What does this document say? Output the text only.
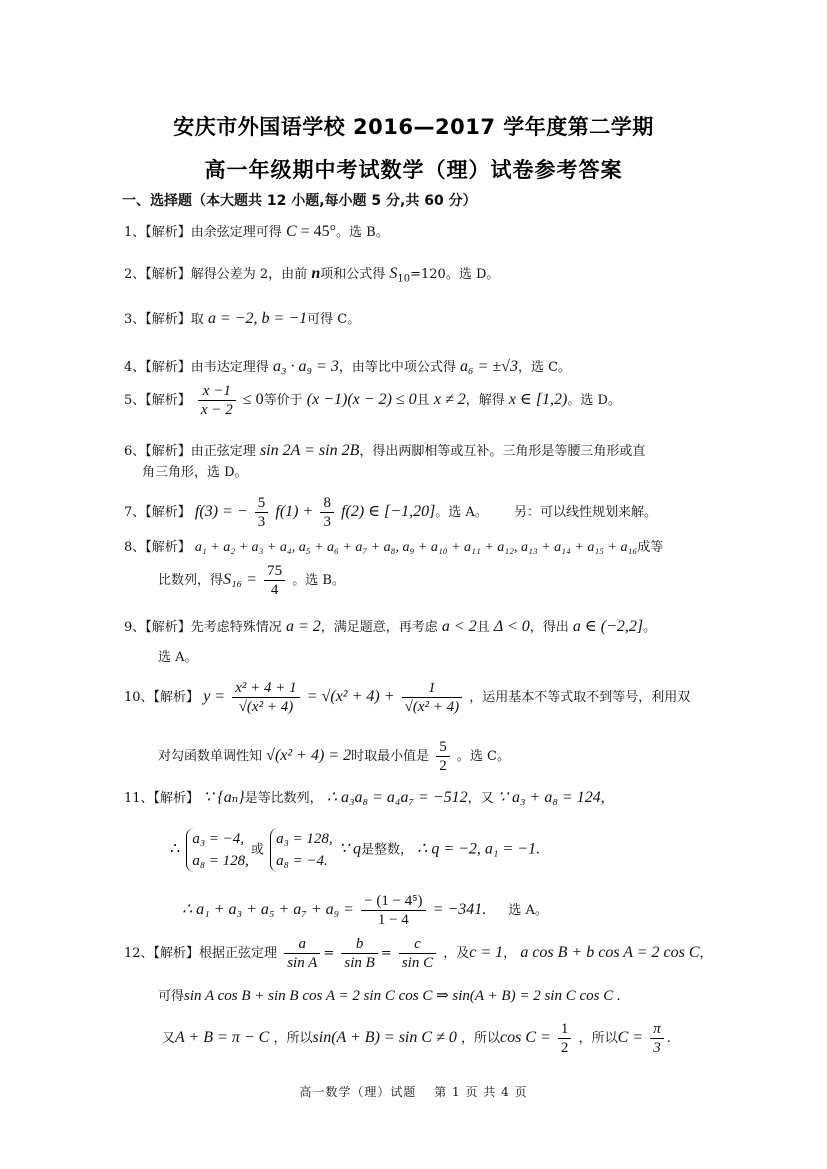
安庆市外国语学校 2016—2017 学年度第二学期
高一年级期中考试数学（理）试卷参考答案
一、选择题（本大题共 12 小题,每小题 5 分,共 60 分）
1、【解析】由余弦定理可得 C = 45°。选 B。
2、【解析】解得公差为 2，由前 n项和公式得 $S_{10}=120$。选 D。
3、【解析】取 a = −2, b = −1可得 C。
4、【解析】由韦达定理得 a₃ · a₉ = 3，由等比中项公式得 a₆ = ±√3，选 C。
5、【解析】 $\frac{x -1}{x - 2} \le 0$等价于 (x −1)(x − 2) ≤ 0且 x ≠ 2，解得 x ∈ [1,2)。选 D。
6、【解析】由正弦定理 sin 2A = sin 2B，得出两脚相等或互补。三角形是等腰三角形或直
角三角形，选 D。
7、【解析】 f(3) = − $\frac{5}{3} f(1) + \frac{8}{3} f(2)$ ∈ [−1,20]。选 A。 另：可以线性规划来解。
8、【解析】 a₁ + a₂ + a₃ + a₄, a₅ + a₆ + a₇ + a₈, a₉ + a₁₀ + a₁₁ + a₁₂, a₁₃ + a₁₄ + a₁₅ + a₁₆成等
比数列，得$S_{16} = \frac{75}{4}$ 。选 B。
9、【解析】先考虑特殊情况 a = 2，满足题意，再考虑 a < 2且 Δ < 0，得出 a ∈ (−2,2]。
选 A。
10、【解析】 $y = \frac{\text{x² + 4 + 1}}{\text{√(x² + 4)}} = √(x^2 + 4) + \frac{1}{\text{√(x² + 4)}}$ ，运用基本不等式取不到等号，利用双
对勾函数单调性知 √(x² + 4) = 2时取最小值是 $\frac{5}{2}$ 。选 C。
11、【解析】 ∵ {aₙ}是等比数列， ∴ a₃a₈ = a₄a₇ = −512，又 ∵ a₃ + a₈ = 124,
∴ a₃ = −4,
a₈ = 128,或 a₃ = 128,
a₈ = −4. ∵ q是整数， ∴ q = −2, a₁ = −1.
∴ $a_1 + a_3 + a_5 + a_7 + a_9 = \frac{\text{− (1 − 4⁵)}}{1 - 4} = -341$. 选 A。
12、【解析】根据正弦定理 $\frac{a}{\text{sin A}} = \frac{b}{\text{sin B}} = \frac{c}{\text{sin C}}$ ，及c = 1， a cos B + b cos A = 2 cos C，
可得sin A cos B + sin B cos A = 2 sin C cos C ⇒ sin(A + B) = 2 sin C cos C .
又A + B = π − C ，所以sin(A + B) = sin C ≠ 0 ，所以$\cos C = \frac{1}{2}$ ，所以$C = \frac{\pi}{3}$ .
高一数学（理）试题　 第 1 页 共 4 页
